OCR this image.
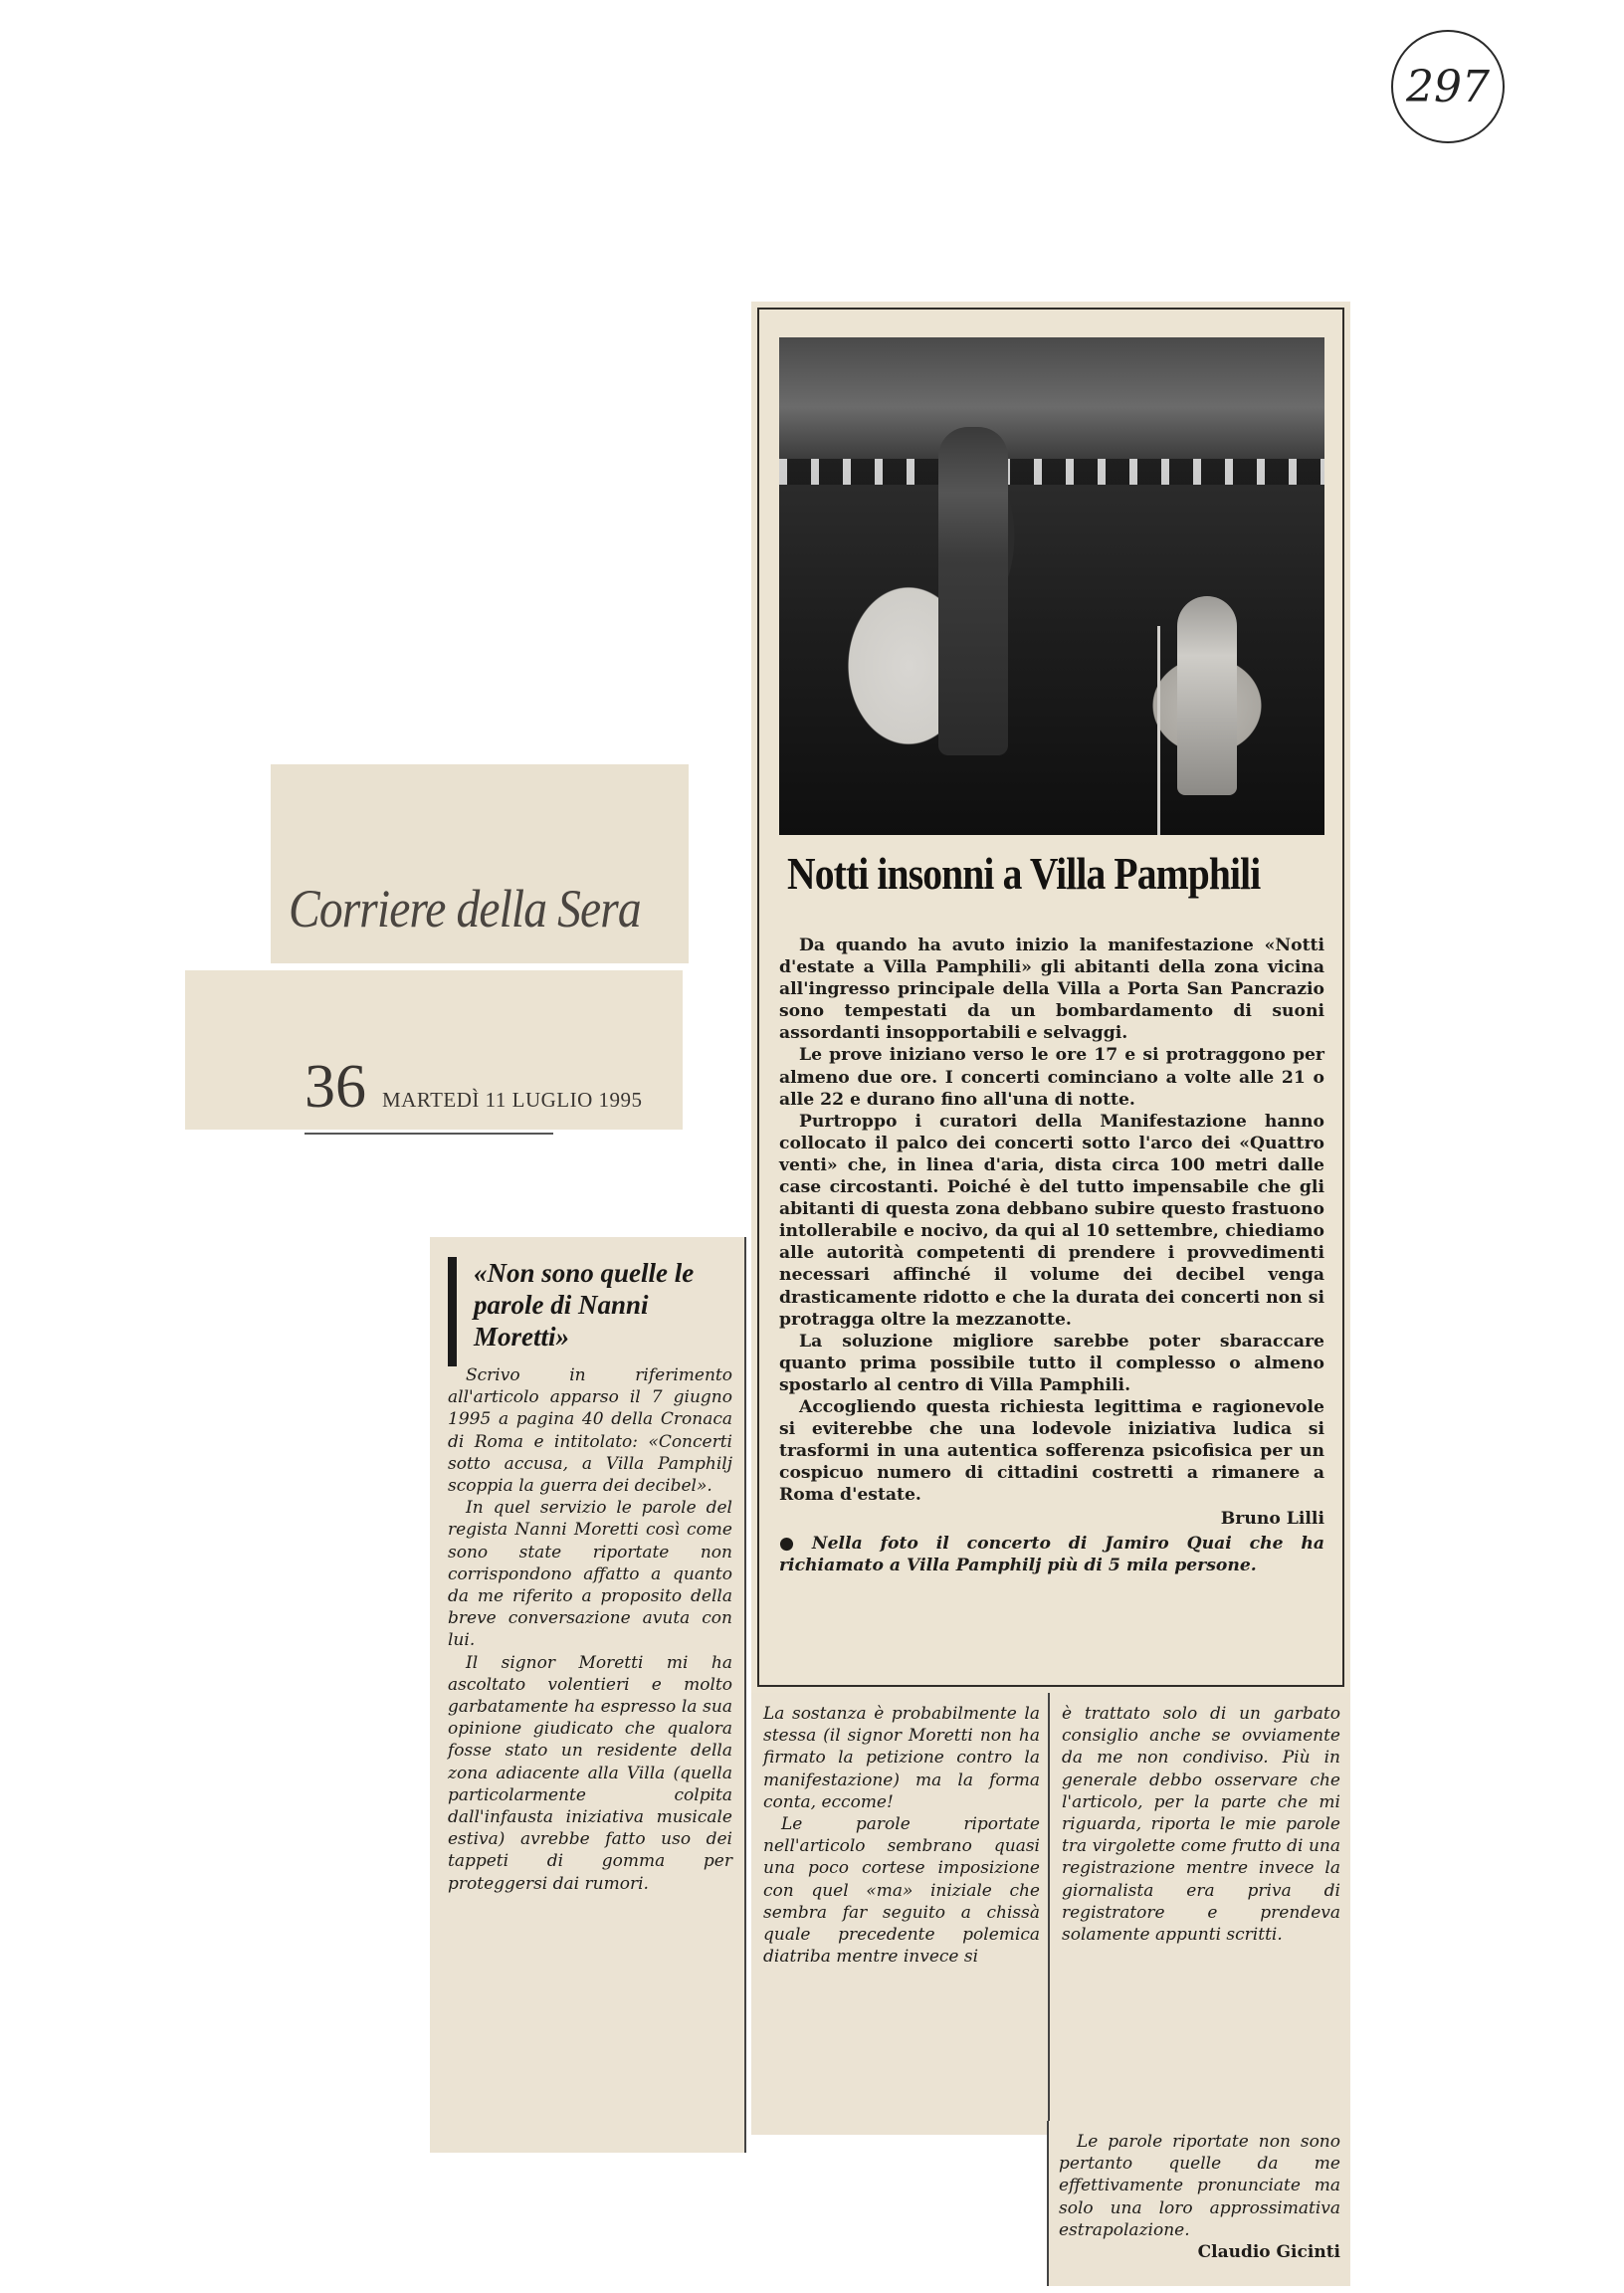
297
Corriere della Sera
36 MARTEDÌ 11 LUGLIO 1995
Notti insonni a Villa Pamphili

Da quando ha avuto inizio la manifestazione «Notti d'estate a Villa Pamphili» gli abitanti della zona vicina all'ingresso principale della Villa a Porta San Pancrazio sono tempestati da un bombardamento di suoni assordanti insopportabili e selvaggi.

Le prove iniziano verso le ore 17 e si protraggono per almeno due ore. I concerti cominciano a volte alle 21 o alle 22 e durano fino all'una di notte.

Purtroppo i curatori della Manifestazione hanno collocato il palco dei concerti sotto l'arco dei «Quattro venti» che, in linea d'aria, dista circa 100 metri dalle case circostanti. Poiché è del tutto impensabile che gli abitanti di questa zona debbano subire questo frastuono intollerabile e nocivo, da qui al 10 settembre, chiediamo alle autorità competenti di prendere i provvedimenti necessari affinché il volume dei decibel venga drasticamente ridotto e che la durata dei concerti non si protragga oltre la mezzanotte.

La soluzione migliore sarebbe poter sbaraccare quanto prima possibile tutto il complesso o almeno spostarlo al centro di Villa Pamphili.

Accogliendo questa richiesta legittima e ragionevole si eviterebbe che una lodevole iniziativa ludica si trasformi in una autentica sofferenza psicofisica per un cospicuo numero di cittadini costretti a rimanere a Roma d'estate.

Bruno Lilli
● Nella foto il concerto di Jamiro Quai che ha richiamato a Villa Pamphilj più di 5 mila persone.
«Non sono quelle le parole di Nanni Moretti»

Scrivo in riferimento all'articolo apparso il 7 giugno 1995 a pagina 40 della Cronaca di Roma e intitolato: «Concerti sotto accusa, a Villa Pamphilj scoppia la guerra dei decibel».

In quel servizio le parole del regista Nanni Moretti così come sono state riportate non corrispondono affatto a quanto da me riferito a proposito della breve conversazione avuta con lui.

Il signor Moretti mi ha ascoltato volentieri e molto garbatamente ha espresso la sua opinione giudicato che qualora fosse stato un residente della zona adiacente alla Villa (quella particolarmente colpita dall'infausta iniziativa musicale estiva) avrebbe fatto uso dei tappeti di gomma per proteggersi dai rumori.

La sostanza è probabilmente la stessa (il signor Moretti non ha firmato la petizione contro la manifestazione) ma la forma conta, eccome!

Le parole riportate nell'articolo sembrano quasi una poco cortese imposizione con quel «ma» iniziale che sembra far seguito a chissà quale precedente polemica diatriba mentre invece si

è trattato solo di un garbato consiglio anche se ovviamente da me non condiviso. Più in generale debbo osservare che l'articolo, per la parte che mi riguarda, riporta le mie parole tra virgolette come frutto di una registrazione mentre invece la giornalista era priva di registratore e prendeva solamente appunti scritti.

Le parole riportate non sono pertanto quelle da me effettivamente pronunciate ma solo una loro approssimativa estrapolazione.

Claudio Gicinti
